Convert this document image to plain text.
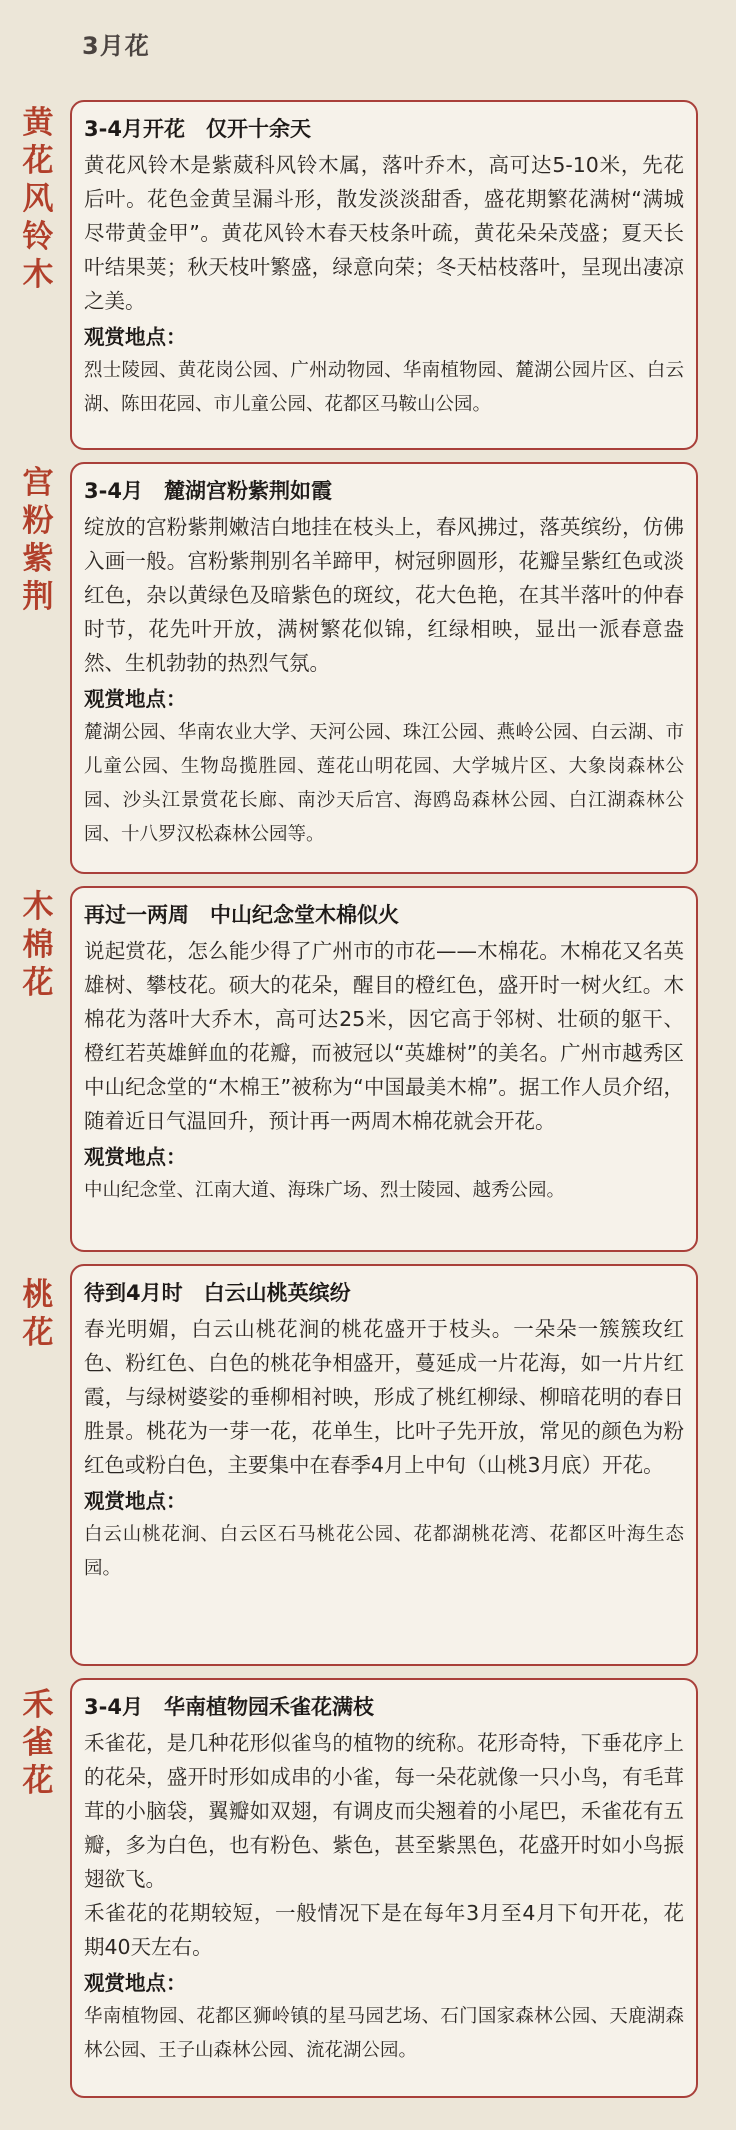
3月花
黄
花
风
铃
木
3-4月开花　仅开十余天

黄花风铃木是紫葳科风铃木属，落叶乔木，高可达5-10米，先花后叶。花色金黄呈漏斗形，散发淡淡甜香，盛花期繁花满树“满城尽带黄金甲”。黄花风铃木春天枝条叶疏，黄花朵朵茂盛；夏天长叶结果荚；秋天枝叶繁盛，绿意向荣；冬天枯枝落叶，呈现出凄凉之美。

观赏地点：
烈士陵园、黄花岗公园、广州动物园、华南植物园、麓湖公园片区、白云湖、陈田花园、市儿童公园、花都区马鞍山公园。
宫
粉
紫
荆
3-4月　麓湖宫粉紫荆如霞

绽放的宫粉紫荆嫩洁白地挂在枝头上，春风拂过，落英缤纷，仿佛入画一般。宫粉紫荆别名羊蹄甲，树冠卵圆形，花瓣呈紫红色或淡红色，杂以黄绿色及暗紫色的斑纹，花大色艳，在其半落叶的仲春时节，花先叶开放，满树繁花似锦，红绿相映，显出一派春意盎然、生机勃勃的热烈气氛。

观赏地点：
麓湖公园、华南农业大学、天河公园、珠江公园、燕岭公园、白云湖、市儿童公园、生物岛揽胜园、莲花山明花园、大学城片区、大象岗森林公园、沙头江景赏花长廊、南沙天后宫、海鸥岛森林公园、白江湖森林公园、十八罗汉松森林公园等。
木
棉
花
再过一两周　中山纪念堂木棉似火

说起赏花，怎么能少得了广州市的市花——木棉花。木棉花又名英雄树、攀枝花。硕大的花朵，醒目的橙红色，盛开时一树火红。木棉花为落叶大乔木，高可达25米，因它高于邻树、壮硕的躯干、橙红若英雄鲜血的花瓣，而被冠以“英雄树”的美名。广州市越秀区中山纪念堂的“木棉王”被称为“中国最美木棉”。据工作人员介绍，随着近日气温回升，预计再一两周木棉花就会开花。

观赏地点：
中山纪念堂、江南大道、海珠广场、烈士陵园、越秀公园。
桃
花
待到4月时　白云山桃英缤纷

春光明媚，白云山桃花涧的桃花盛开于枝头。一朵朵一簇簇玫红色、粉红色、白色的桃花争相盛开，蔓延成一片花海，如一片片红霞，与绿树婆娑的垂柳相衬映，形成了桃红柳绿、柳暗花明的春日胜景。桃花为一芽一花，花单生，比叶子先开放，常见的颜色为粉红色或粉白色，主要集中在春季4月上中旬（山桃3月底）开花。

观赏地点：
白云山桃花涧、白云区石马桃花公园、花都湖桃花湾、花都区叶海生态园。
禾
雀
花
3-4月　华南植物园禾雀花满枝

禾雀花，是几种花形似雀鸟的植物的统称。花形奇特，下垂花序上的花朵，盛开时形如成串的小雀，每一朵花就像一只小鸟，有毛茸茸的小脑袋，翼瓣如双翅，有调皮而尖翘着的小尾巴，禾雀花有五瓣，多为白色，也有粉色、紫色，甚至紫黑色，花盛开时如小鸟振翅欲飞。

禾雀花的花期较短，一般情况下是在每年3月至4月下旬开花，花期40天左右。

观赏地点：
华南植物园、花都区狮岭镇的星马园艺场、石门国家森林公园、天鹿湖森林公园、王子山森林公园、流花湖公园。
